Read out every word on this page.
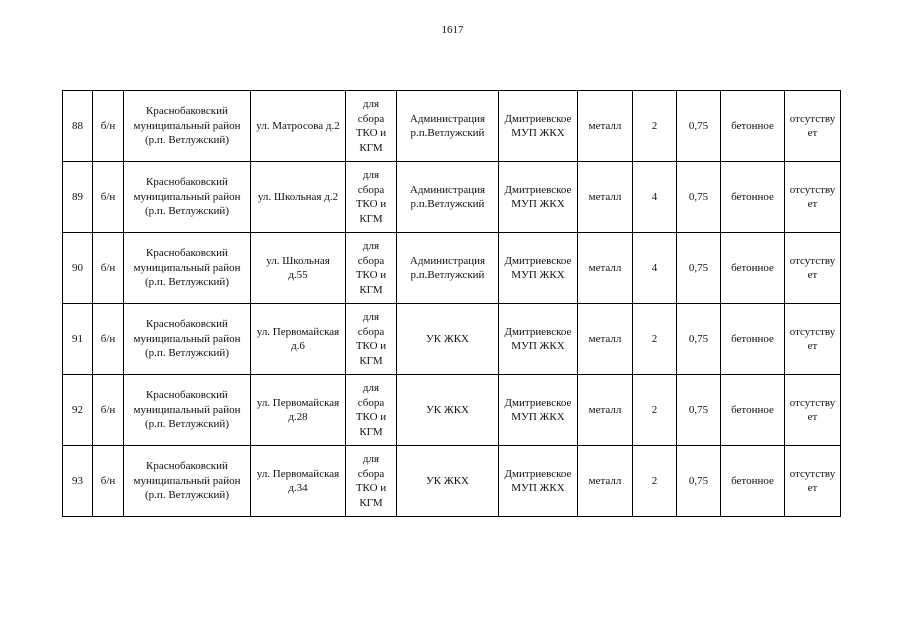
1617
88	б/н	Краснобаковский
муниципальный район
(р.п. Ветлужский)	ул. Матросова д.2	для
сбора
ТКО и
КГМ	Администрация
р.п.Ветлужский	Дмитриевское
МУП ЖКХ	металл	2	0,75	бетонное	отсутству
ет
89	б/н	Краснобаковский
муниципальный район
(р.п. Ветлужский)	ул. Школьная д.2	для
сбора
ТКО и
КГМ	Администрация
р.п.Ветлужский	Дмитриевское
МУП ЖКХ	металл	4	0,75	бетонное	отсутству
ет
90	б/н	Краснобаковский
муниципальный район
(р.п. Ветлужский)	ул. Школьная
д.55	для
сбора
ТКО и
КГМ	Администрация
р.п.Ветлужский	Дмитриевское
МУП ЖКХ	металл	4	0,75	бетонное	отсутству
ет
91	б/н	Краснобаковский
муниципальный район
(р.п. Ветлужский)	ул. Первомайская
д.6	для
сбора
ТКО и
КГМ	УК ЖКХ	Дмитриевское
МУП ЖКХ	металл	2	0,75	бетонное	отсутству
ет
92	б/н	Краснобаковский
муниципальный район
(р.п. Ветлужский)	ул. Первомайская
д.28	для
сбора
ТКО и
КГМ	УК ЖКХ	Дмитриевское
МУП ЖКХ	металл	2	0,75	бетонное	отсутству
ет
93	б/н	Краснобаковский
муниципальный район
(р.п. Ветлужский)	ул. Первомайская
д.34	для
сбора
ТКО и
КГМ	УК ЖКХ	Дмитриевское
МУП ЖКХ	металл	2	0,75	бетонное	отсутству
ет
